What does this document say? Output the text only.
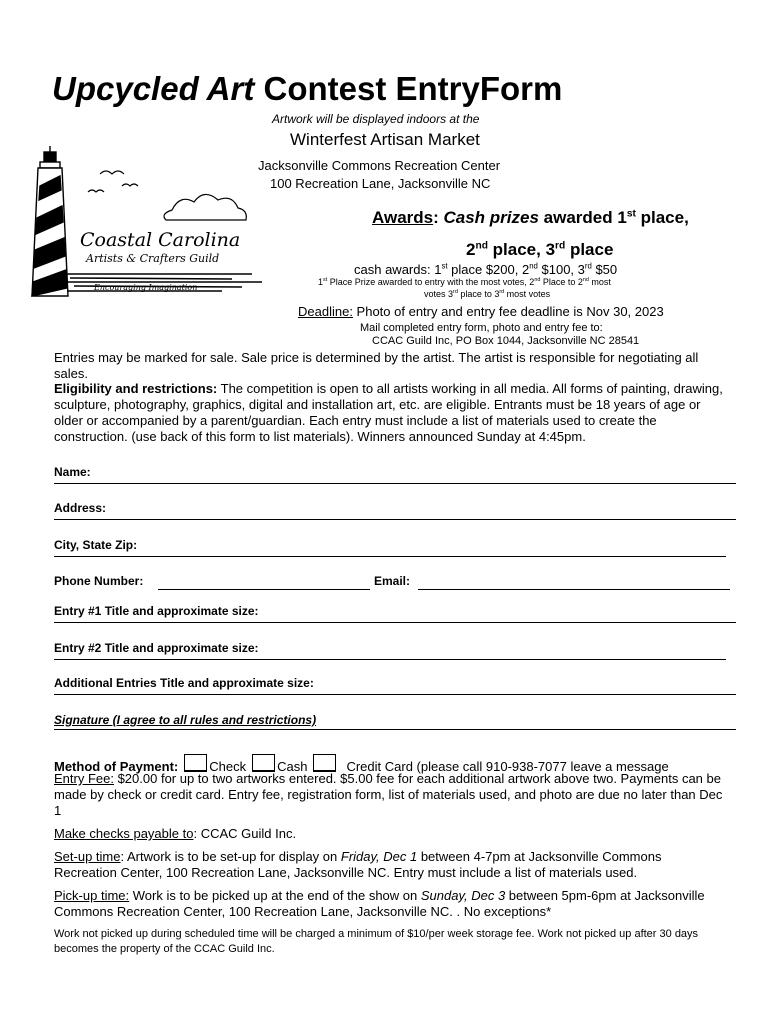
Upcycled Art Contest EntryForm
Artwork will be displayed indoors at the
Winterfest Artisan Market
Jacksonville Commons Recreation Center
100 Recreation Lane, Jacksonville NC
Coastal Carolina
Artists & Crafters Guild
Encouraging Imagination
Awards: Cash prizes awarded 1st place,
2nd place, 3rd place
cash awards: 1st place $200, 2nd $100, 3rd $50
1st Place Prize awarded to entry with the most votes, 2nd Place to 2nd most
votes 3rd place to 3rd most votes
Deadline: Photo of entry and entry fee deadline is Nov 30, 2023
Mail completed entry form, photo and entry fee to:
CCAC Guild Inc, PO Box 1044, Jacksonville NC 28541
Entries may be marked for sale. Sale price is determined by the artist. The artist is responsible for negotiating all sales.
Eligibility and restrictions: The competition is open to all artists working in all media. All forms of painting, drawing, sculpture, photography, graphics, digital and installation art, etc. are eligible. Entrants must be 18 years of age or older or accompanied by a parent/guardian. Each entry must include a list of materials used to create the construction. (use back of this form to list materials). Winners announced Sunday at 4:45pm.
Name:
Address:
City, State Zip:
Phone Number:	Email:
Entry #1 Title and approximate size:
Entry #2 Title and approximate size:
Additional Entries Title and approximate size:
Signature (I agree to all rules and restrictions)
Method of Payment: Check Cash	Credit Card (please call 910-938-7077 leave a message
Entry Fee: $20.00 for up to two artworks entered. $5.00 fee for each additional artwork above two. Payments can be made by check or credit card. Entry fee, registration form, list of materials used, and photo are due no later than Dec 1
Make checks payable to: CCAC Guild Inc.
Set-up time: Artwork is to be set-up for display on Friday, Dec 1 between 4-7pm at Jacksonville Commons Recreation Center, 100 Recreation Lane, Jacksonville NC. Entry must include a list of materials used.
Pick-up time: Work is to be picked up at the end of the show on Sunday, Dec 3 between 5pm-6pm at Jacksonville Commons Recreation Center, 100 Recreation Lane, Jacksonville NC. . No exceptions*
Work not picked up during scheduled time will be charged a minimum of $10/per week storage fee. Work not picked up after 30 days becomes the property of the CCAC Guild Inc.
